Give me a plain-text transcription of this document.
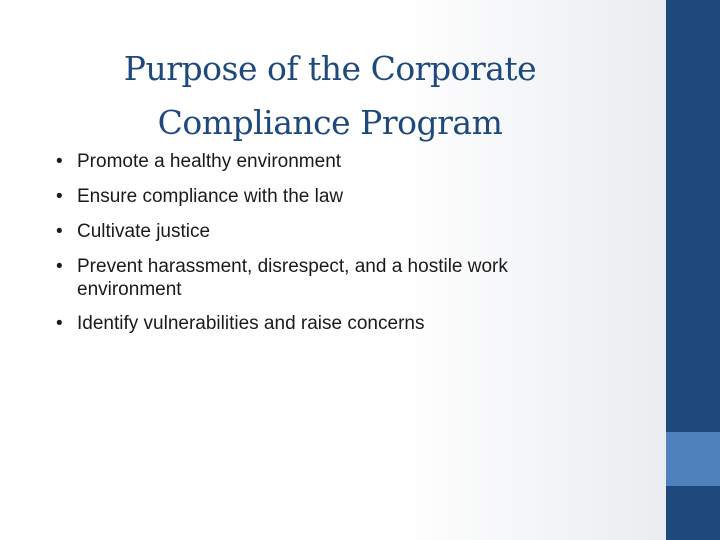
Purpose of the Corporate
Compliance Program
• Promote a healthy environment
• Ensure compliance with the law
• Cultivate justice
• Prevent harassment, disrespect, and a hostile work environment
• Identify vulnerabilities and raise concerns
